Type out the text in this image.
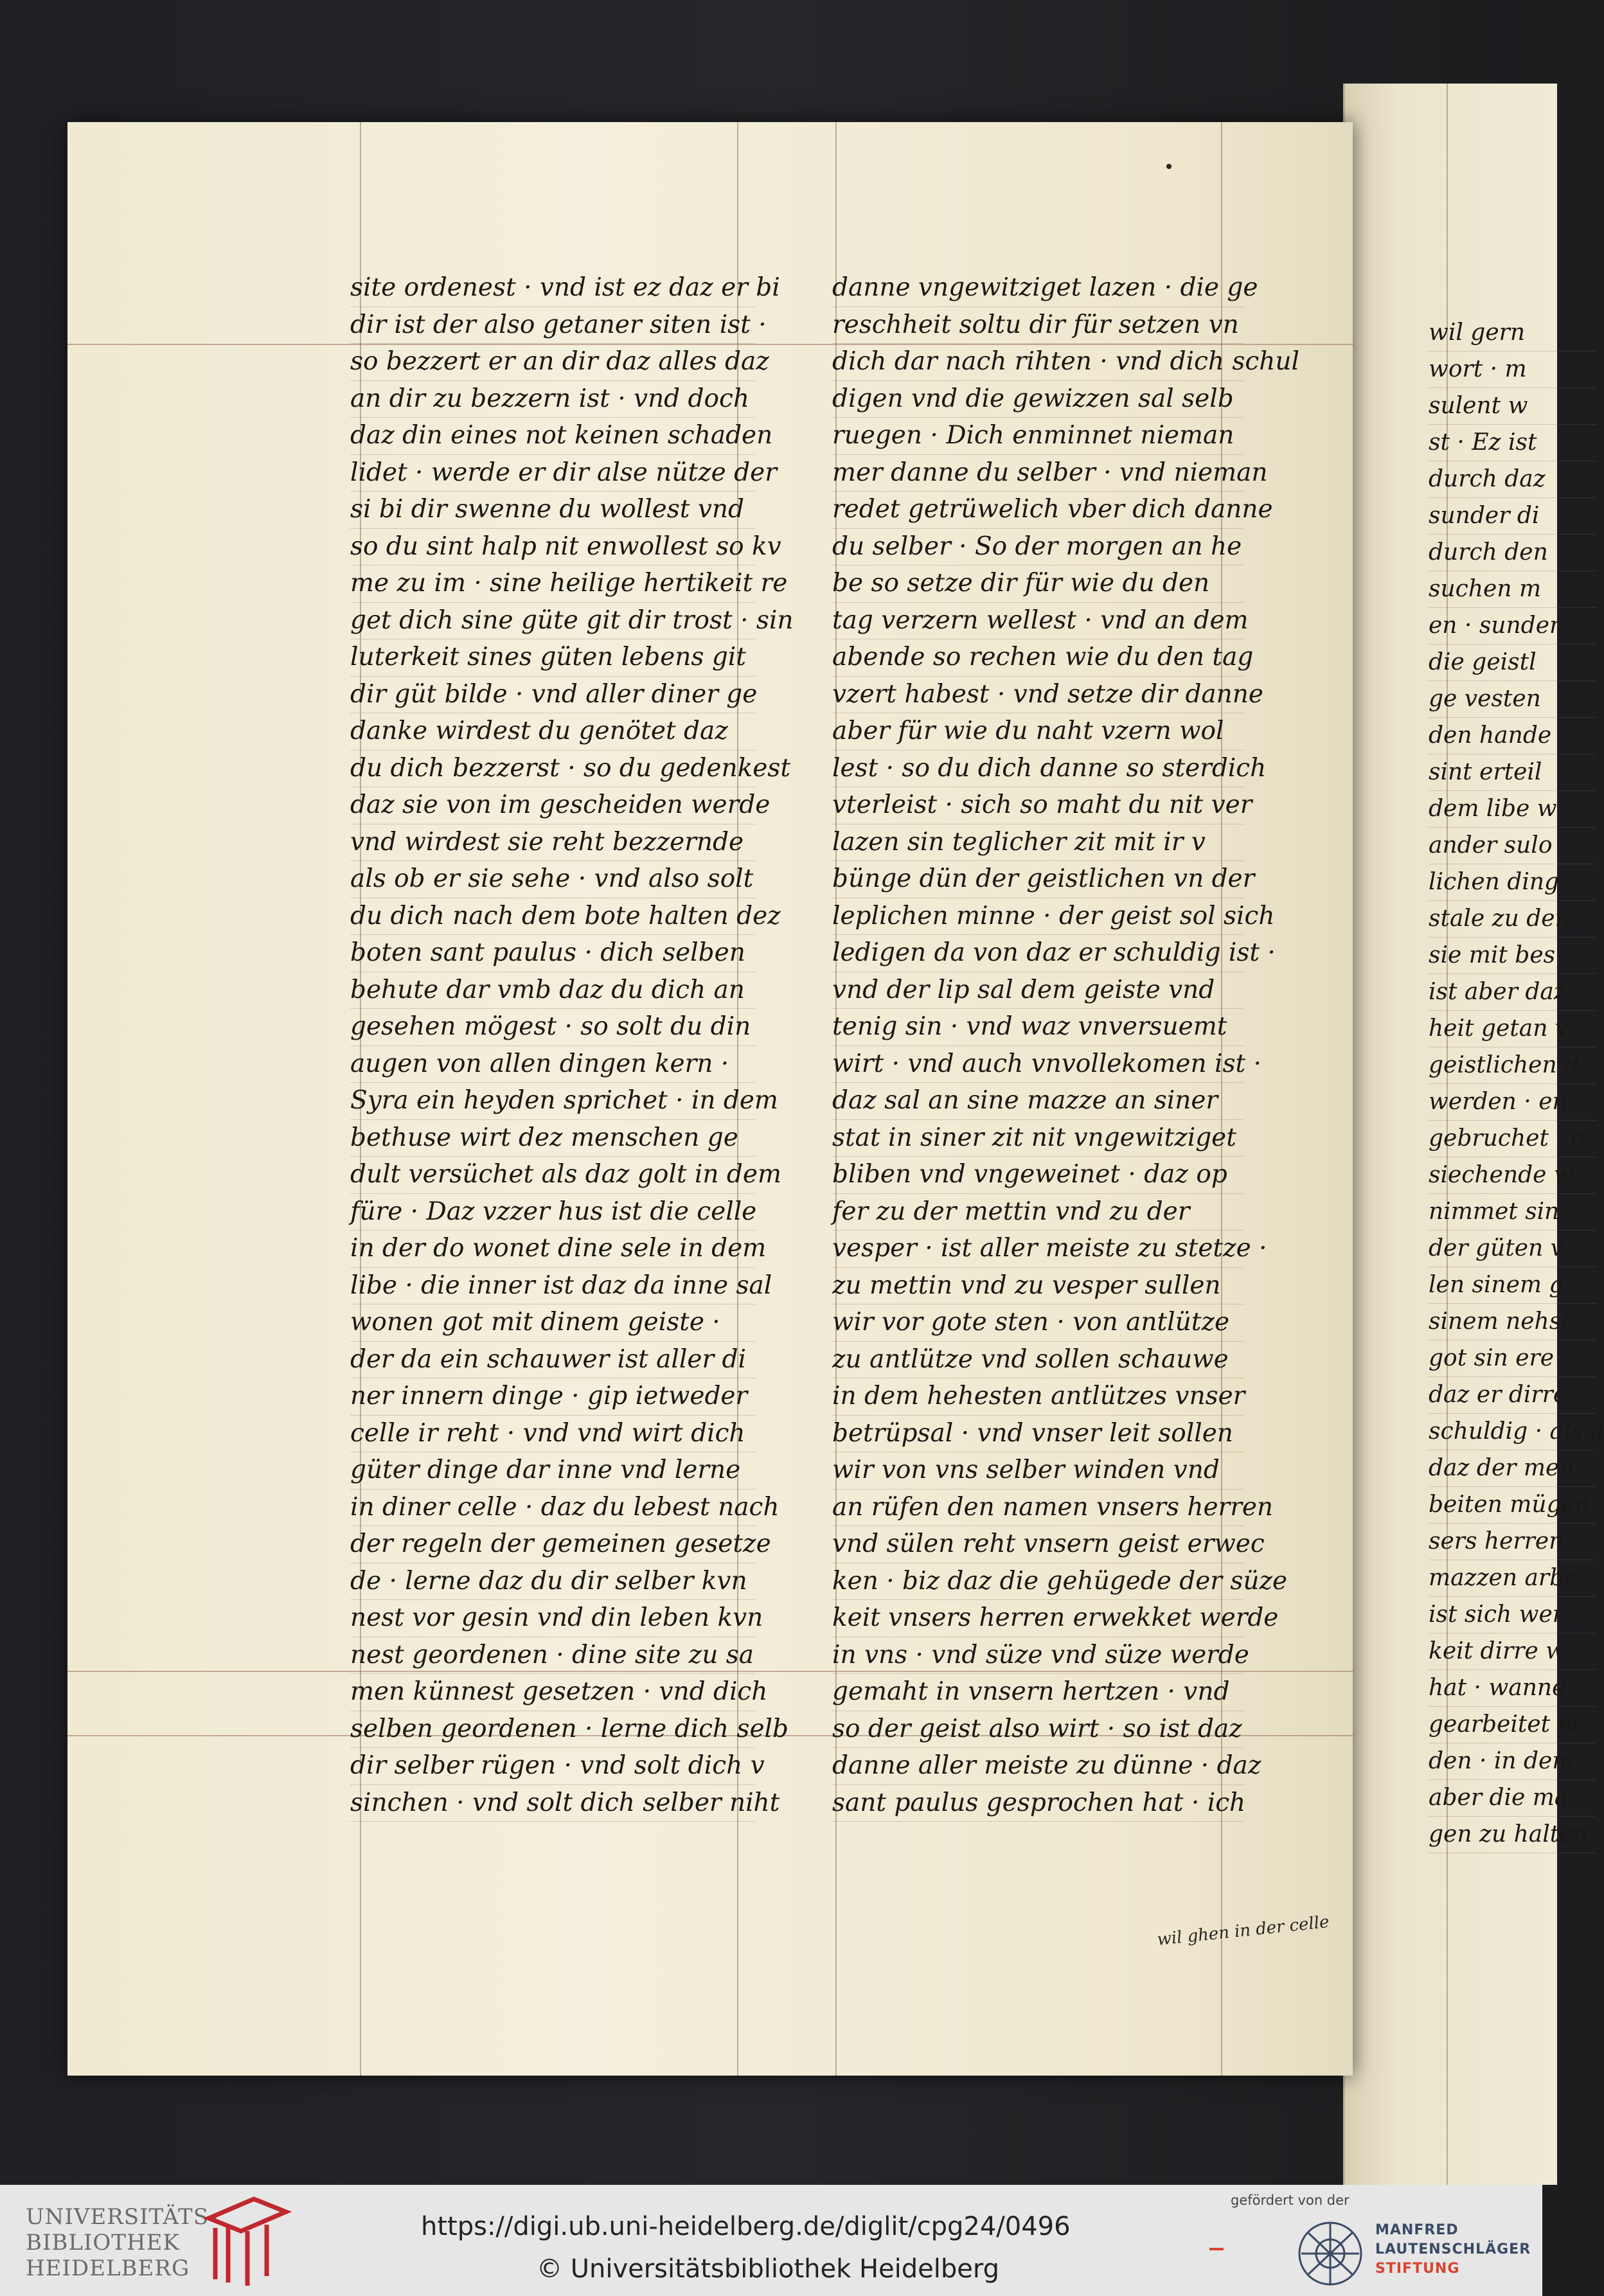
wil gern
wort · m
sulent w
st · Ez ist
durch daz
sunder di
durch den
suchen m
en · sunder
die geistl
ge vesten
den hande
sint erteil
dem libe w
ander sulo
lichen ding
stale zu den
sie mit bes
ist aber daz
heit getan v
geistlichen d
werden · en
gebruchet · o
siechende w
nimmet sin
der güten v
len sinem g
sinem nehst
got sin ere ·
daz er dirre
schuldig · als a
daz der men
beiten mügen
sers herren ·
mazzen arbe
ist sich wer
keit dirre w
hat · wanne
gearbeitet w
den · in dem
aber die ma
gen zu halten
site ordenest · vnd ist ez daz er bi
dir ist der also getaner siten ist ·
so bezzert er an dir daz alles daz
an dir zu bezzern ist · vnd doch
daz din eines not keinen schaden
lidet · werde er dir alse nütze der
si bi dir swenne du wollest vnd
so du sint halp nit enwollest so kv
me zu im · sine heilige hertikeit re
get dich sine güte git dir trost · sin
luterkeit sines güten lebens git
dir güt bilde · vnd aller diner ge
danke wirdest du genötet daz
du dich bezzerst · so du gedenkest
daz sie von im gescheiden werde
vnd wirdest sie reht bezzernde
als ob er sie sehe · vnd also solt
du dich nach dem bote halten dez
boten sant paulus · dich selben
behute dar vmb daz du dich an
gesehen mögest · so solt du din
augen von allen dingen kern ·
Syra ein heyden sprichet · in dem
bethuse wirt dez menschen ge
dult versüchet als daz golt in dem
füre · Daz vzzer hus ist die celle
in der do wonet dine sele in dem
libe · die inner ist daz da inne sal
wonen got mit dinem geiste ·
der da ein schauwer ist aller di
ner innern dinge · gip ietweder
celle ir reht · vnd vnd wirt dich
güter dinge dar inne vnd lerne
in diner celle · daz du lebest nach
der regeln der gemeinen gesetze
de · lerne daz du dir selber kvn
nest vor gesin vnd din leben kvn
nest geordenen · dine site zu sa
men künnest gesetzen · vnd dich
selben geordenen · lerne dich selb
dir selber rügen · vnd solt dich v
sinchen · vnd solt dich selber niht
danne vngewitziget lazen · die ge
reschheit soltu dir für setzen vn
dich dar nach rihten · vnd dich schul
digen vnd die gewizzen sal selb
ruegen · Dich enminnet nieman
mer danne du selber · vnd nieman
redet getrüwelich vber dich danne
du selber · So der morgen an he
be so setze dir für wie du den
tag verzern wellest · vnd an dem
abende so rechen wie du den tag
vzert habest · vnd setze dir danne
aber für wie du naht vzern wol
lest · so du dich danne so sterdich
vterleist · sich so maht du nit ver
lazen sin teglicher zit mit ir v
bünge dün der geistlichen vn der
leplichen minne · der geist sol sich
ledigen da von daz er schuldig ist ·
vnd der lip sal dem geiste vnd
tenig sin · vnd waz vnversuemt
wirt · vnd auch vnvollekomen ist ·
daz sal an sine mazze an siner
stat in siner zit nit vngewitziget
bliben vnd vngeweinet · daz op
fer zu der mettin vnd zu der
vesper · ist aller meiste zu stetze ·
zu mettin vnd zu vesper sullen
wir vor gote sten · von antlütze
zu antlütze vnd sollen schauwe
in dem hehesten antlützes vnser
betrüpsal · vnd vnser leit sollen
wir von vns selber winden vnd
an rüfen den namen vnsers herren
vnd sülen reht vnsern geist erwec
ken · biz daz die gehügede der süze
keit vnsers herren erwekket werde
in vns · vnd süze vnd süze werde
gemaht in vnsern hertzen · vnd
so der geist also wirt · so ist daz
danne aller meiste zu dünne · daz
sant paulus gesprochen hat · ich
wil ghen in der celle
UNIVERSITÄTS-
BIBLIOTHEK
HEIDELBERG
https://digi.ub.uni-heidelberg.de/diglit/cpg24/0496
© Universitätsbibliothek Heidelberg
gefördert von der
MANFRED
LAUTENSCHLÄGER
STIFTUNG
